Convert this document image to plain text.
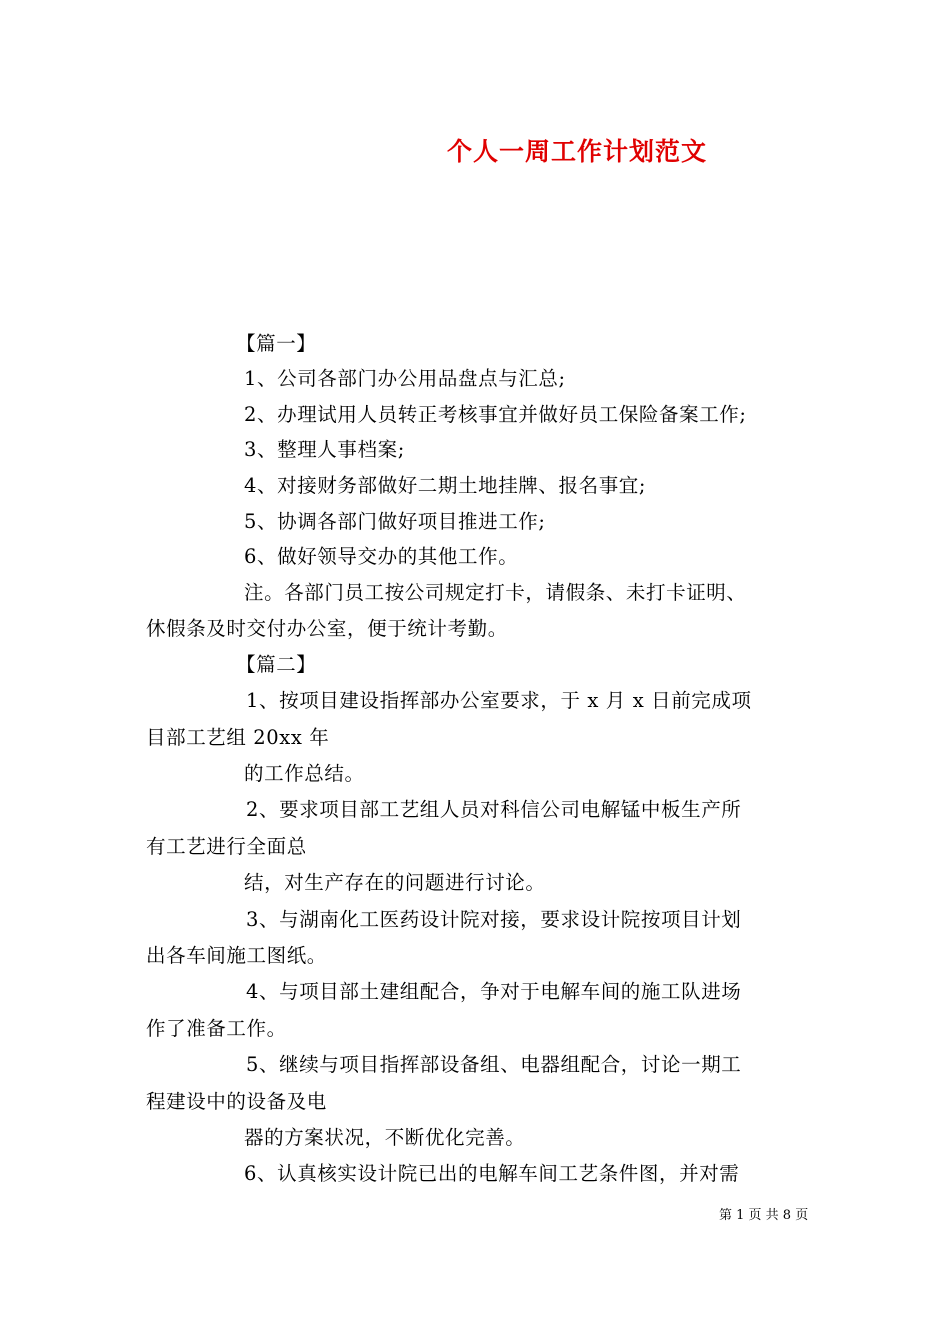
个人一周工作计划范文
【篇一】
1、公司各部门办公用品盘点与汇总;
2、办理试用人员转正考核事宜并做好员工保险备案工作;
3、整理人事档案;
4、对接财务部做好二期土地挂牌、报名事宜;
5、协调各部门做好项目推进工作;
6、做好领导交办的其他工作。
注。各部门员工按公司规定打卡，请假条、未打卡证明、
休假条及时交付办公室，便于统计考勤。
【篇二】
1、按项目建设指挥部办公室要求，于 x 月 x 日前完成项
目部工艺组 20xx 年
的工作总结。
2、要求项目部工艺组人员对科信公司电解锰中板生产所
有工艺进行全面总
结，对生产存在的问题进行讨论。
3、与湖南化工医药设计院对接，要求设计院按项目计划
出各车间施工图纸。
4、与项目部土建组配合，争对于电解车间的施工队进场
作了准备工作。
5、继续与项目指挥部设备组、电器组配合，讨论一期工
程建设中的设备及电
器的方案状况，不断优化完善。
6、认真核实设计院已出的电解车间工艺条件图，并对需
第 1 页 共 8 页
